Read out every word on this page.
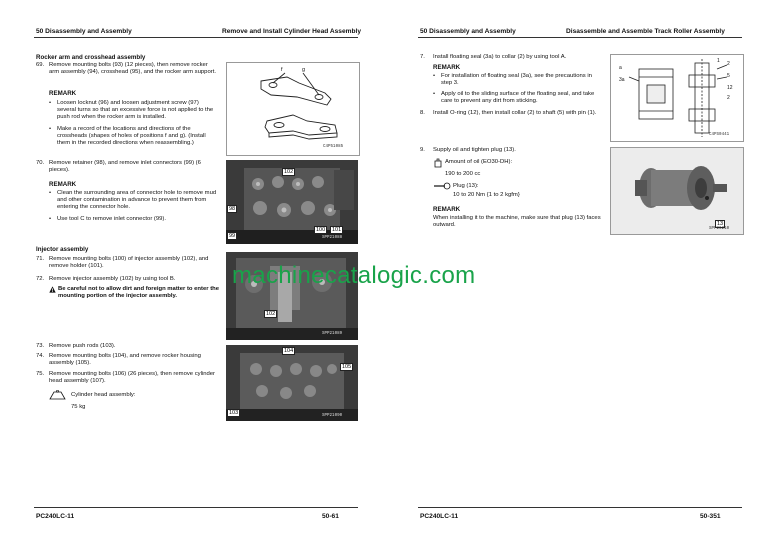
50 Disassembly and Assembly	Remove and Install Cylinder Head Assembly
Rocker arm and crosshead assembly
69. Remove mounting bolts (93) (12 pieces), then remove rocker arm assembly (94), crosshead (95), and the rocker arm support.
REMARK
• Loosen locknut (96) and loosen adjustment screw (97) several turns so that an excessive force is not applied to the push rod when the rocker arm is installed.
• Make a record of the locations and directions of the crossheads (shapes of holes of positions f and g). (Install them in the recorded directions when reassembling.)
f	g
C4P51085
70. Remove retainer (98), and remove inlet connectors (99) (6 pieces).
REMARK
• Clean the surrounding area of connector hole to remove mud and other contamination in advance to prevent them from entering the connector hole.
• Use tool C to remove inlet connector (99).
102
98
99
100	101
SPP21088
Injector assembly
71. Remove mounting bolts (100) of injector assembly (102), and remove holder (101).
72. Remove injector assembly (102) by using tool B.
Be careful not to allow dirt and foreign matter to enter the mounting portion of the injector assembly.
102
SPP21089
73. Remove push rods (103).
74. Remove mounting bolts (104), and remove rocker housing assembly (105).
75. Remove mounting bolts (106) (26 pieces), then remove cylinder head assembly (107).
Cylinder head assembly:
75 kg
104
105
103	SPP21090
PC240LC-11	50-61
50 Disassembly and Assembly	Disassemble and Assemble Track Roller Assembly
7. Install floating seal (3a) to collar (2) by using tool A.
REMARK
• For installation of floating seal (3a), see the precautions in step 3.
• Apply oil to the sliding surface of the floating seal, and take care to prevent any dirt from sticking.
8. Install O-ring (12), then install collar (2) to shaft (5) with pin (1).
1 2
3a
a
5
12
2
C4PS0441
9. Supply oil and tighten plug (13).
Amount of oil (EO30-DH):
190 to 200 cc
Plug (13):
10 to 20 Nm {1 to 2 kgfm}
REMARK
When installing it to the machine, make sure that plug (13) faces outward.	13
SPP26210
PC240LC-11	50-351
machinecatalogic.com
